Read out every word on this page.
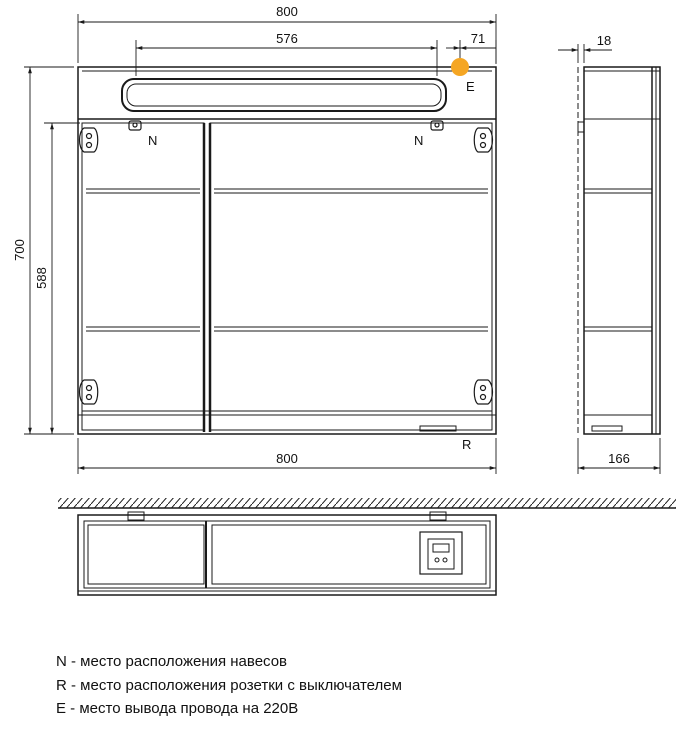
800
576	71	18
700
588
800	166
N	N
E
R
N - место расположения навесов
R - место расположения розетки с выключателем
E - место вывода провода на 220В
